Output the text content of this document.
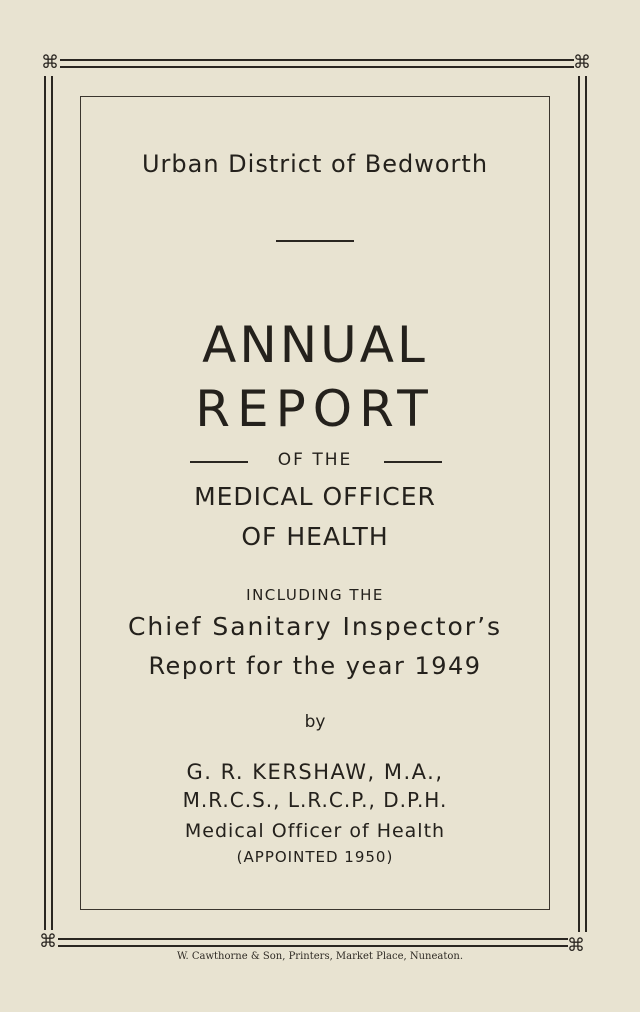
⌘	⌘
⌘	⌘
Urban District of Bedworth
ANNUAL
REPORT
OF THE
MEDICAL OFFICER
OF HEALTH
INCLUDING THE
Chief Sanitary Inspector’s
Report for the year 1949
by
G. R. KERSHAW, M.A.,
M.R.C.S., L.R.C.P., D.P.H.
Medical Officer of Health
(APPOINTED 1950)
W. Cawthorne & Son, Printers, Market Place, Nuneaton.
